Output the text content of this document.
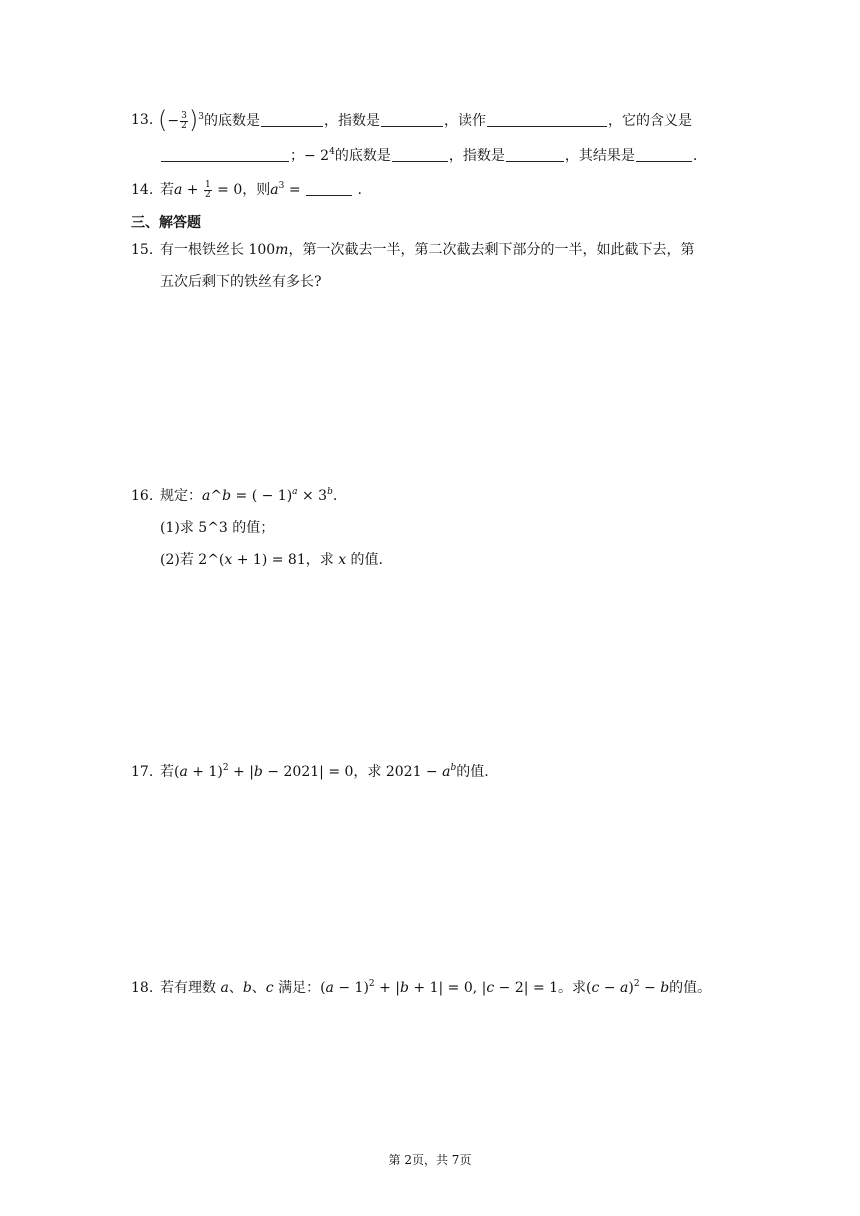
13. (− $\frac{3}{2} )^3$的底数是	，指数是	，读作	，它的含义是
；− $2^4$的底数是	，指数是	，其结果是	.
14. 若$a + \frac{1}{2} = 0$，则$a^3$ =	.
三、解答题
15. 有一根铁丝长 100m，第一次截去一半，第二次截去剩下部分的一半，如此截下去，第
五次后剩下的铁丝有多长?
16. 规定：a^b = ( − $1)^a \times 3^b$.
(1)求 5^3 的值；
(2)若 2^(x + 1) = 81，求 x 的值.
17. 若$(a + 1)^2 + |b - 2021| = 0$，求 $2021 - a^b$的值.
18. 若有理数 a、b、c 满足：$(a - 1)^2 + |b + 1| = 0$, |c − 2| = 1。求$(c - a)^2 - b$的值。
第 2页，共 7页
